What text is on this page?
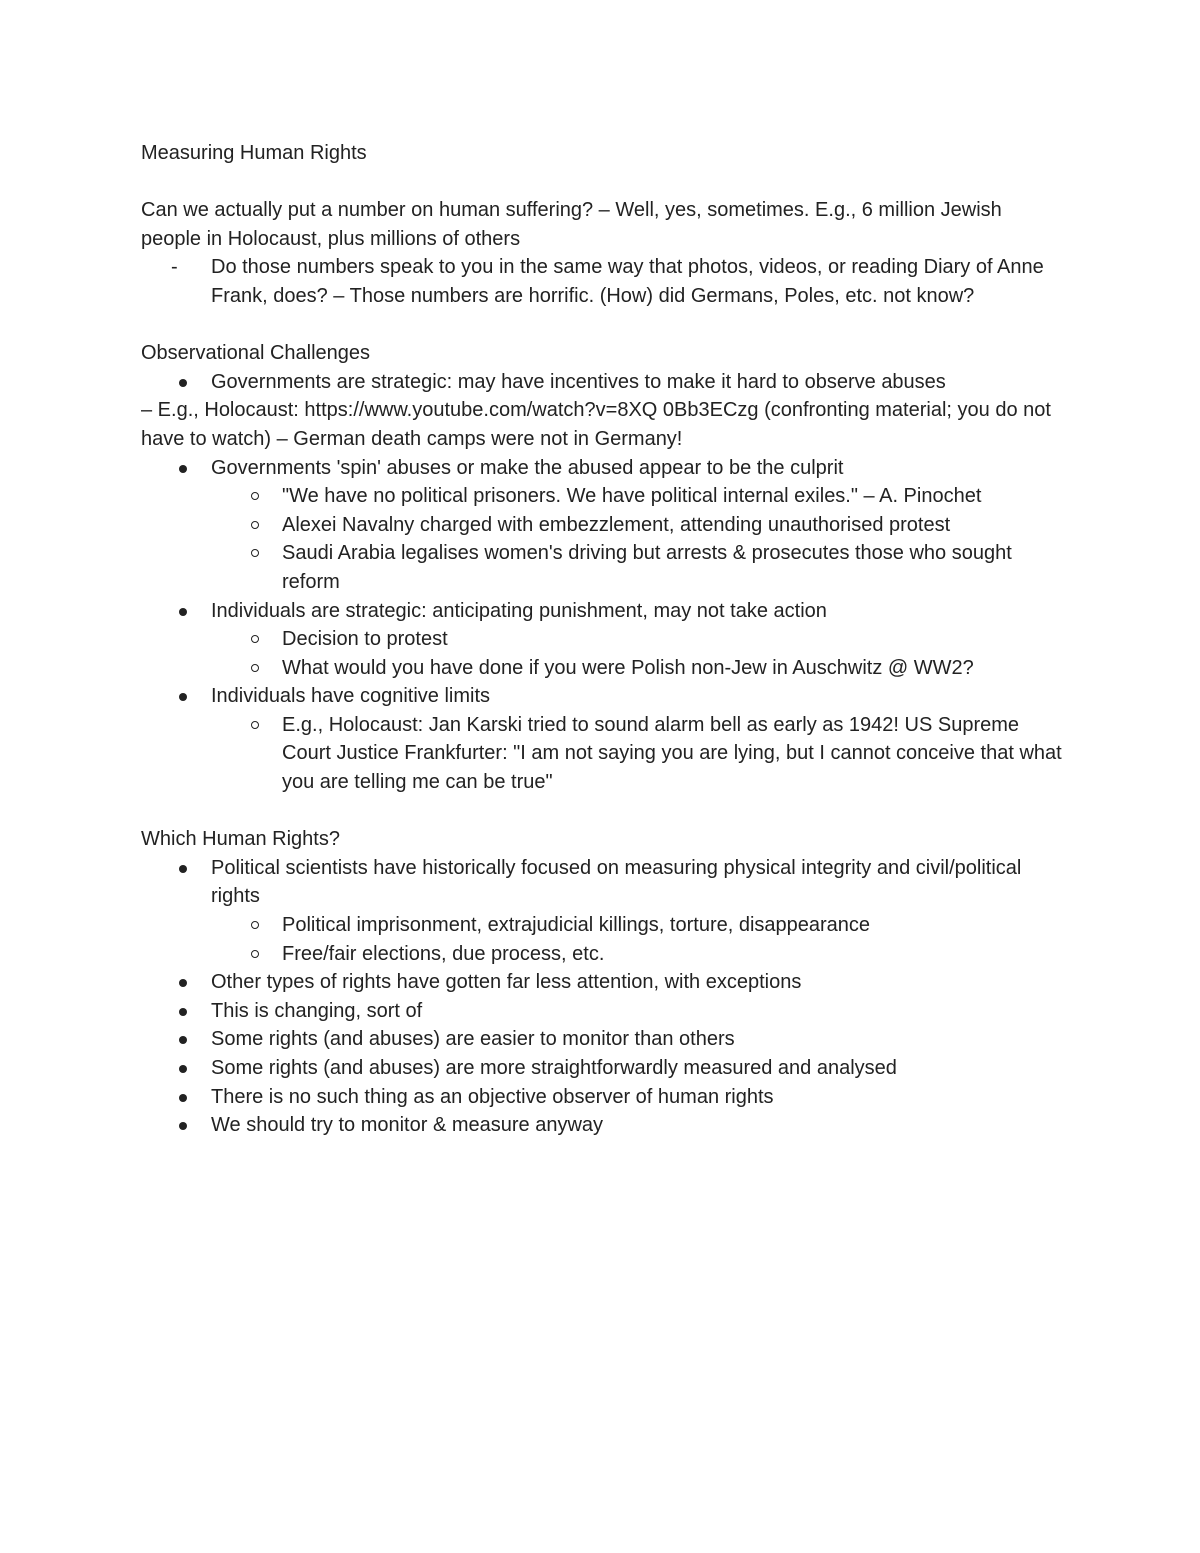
Measuring Human Rights

Can we actually put a number on human suffering? – Well, yes, sometimes. E.g., 6 million Jewish people in Holocaust, plus millions of others

-	Do those numbers speak to you in the same way that photos, videos, or reading Diary of Anne Frank, does? – Those numbers are horrific. (How) did Germans, Poles, etc. not know?

Observational Challenges

Governments are strategic: may have incentives to make it hard to observe abuses

– E.g., Holocaust: https://www.youtube.com/watch?v=8XQ 0Bb3ECzg (confronting material; you do not have to watch) – German death camps were not in Germany!

Governments 'spin' abuses or make the abused appear to be the culprit
"We have no political prisoners. We have political internal exiles." – A. Pinochet
Alexei Navalny charged with embezzlement, attending unauthorised protest
Saudi Arabia legalises women's driving but arrests & prosecutes those who sought reform
Individuals are strategic: anticipating punishment, may not take action
Decision to protest
What would you have done if you were Polish non-Jew in Auschwitz @ WW2?
Individuals have cognitive limits
E.g., Holocaust: Jan Karski tried to sound alarm bell as early as 1942! US Supreme Court Justice Frankfurter: "I am not saying you are lying, but I cannot conceive that what you are telling me can be true"

Which Human Rights?

Political scientists have historically focused on measuring physical integrity and civil/political rights
Political imprisonment, extrajudicial killings, torture, disappearance
Free/fair elections, due process, etc.
Other types of rights have gotten far less attention, with exceptions
This is changing, sort of
Some rights (and abuses) are easier to monitor than others
Some rights (and abuses) are more straightforwardly measured and analysed
There is no such thing as an objective observer of human rights
We should try to monitor & measure anyway
